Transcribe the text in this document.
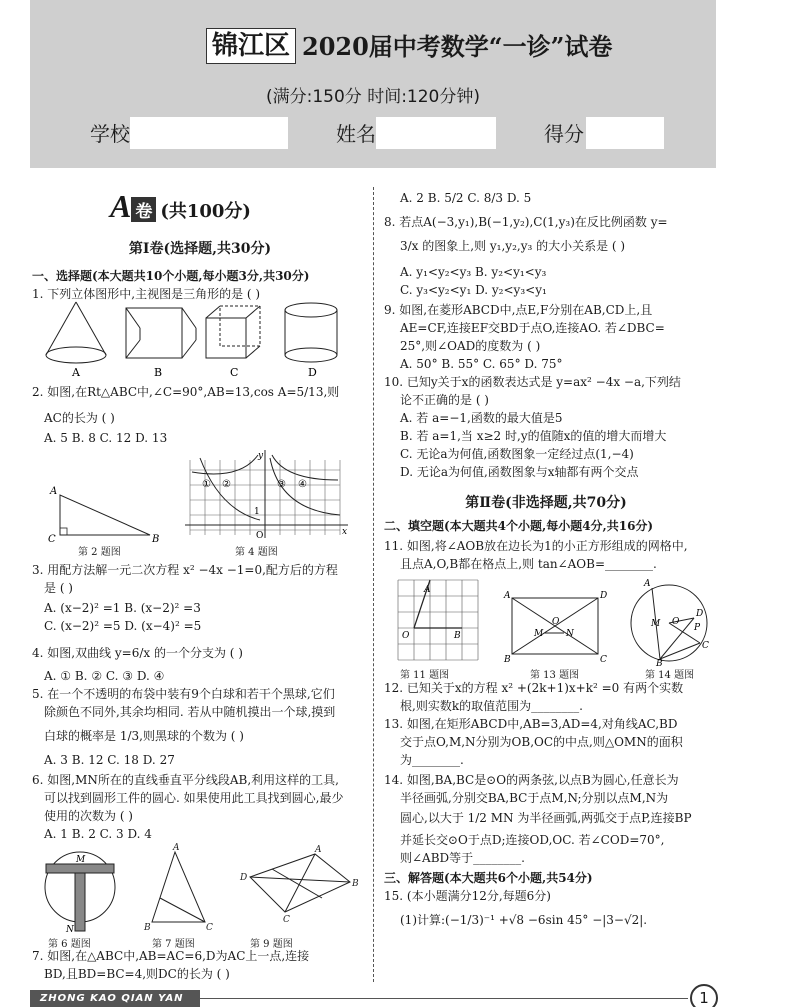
锦江区 2020届中考数学“一诊”试卷
(满分:150分 时间:120分钟)
学校	姓名	得分
A 卷 (共100分)
第Ⅰ卷(选择题,共30分)
一、选择题(本大题共10个小题,每小题3分,共30分)
1. 下列立体图形中,主视图是三角形的是 ( )
A	B	C	D
2. 如图,在Rt△ABC中,∠C=90°,AB=13,cos A=5/13,则
AC的长为 ( )
A. 5 B. 8 C. 12 D. 13
A
C	B
第 2 题图
① ②	③ ④
O	x
y
1
第 4 题图
3. 用配方法解一元二次方程 x² −4x −1=0,配方后的方程
是 ( )
A. (x−2)² =1 B. (x−2)² =3
C. (x−2)² =5 D. (x−4)² =5
4. 如图,双曲线 y=6/x 的一个分支为 ( )
A. ① B. ② C. ③ D. ④
5. 在一个不透明的布袋中装有9个白球和若干个黑球,它们
除颜色不同外,其余均相同. 若从中随机摸出一个球,摸到
白球的概率是 1/3,则黑球的个数为 ( )
A. 3 B. 12 C. 18 D. 27
6. 如图,MN所在的直线垂直平分线段AB,利用这样的工具,
可以找到圆形工件的圆心. 如果使用此工具找到圆心,最少
使用的次数为 ( )
A. 1 B. 2 C. 3 D. 4
M
N
A
B	C
D
A
B
C
第 6 题图	第 7 题图	第 9 题图
7. 如图,在△ABC中,AB=AC=6,D为AC上一点,连接
BD,且BD=BC=4,则DC的长为 ( )
A. 2 B. 5/2 C. 8/3 D. 5
8. 若点A(−3,y₁),B(−1,y₂),C(1,y₃)在反比例函数 y=
3/x 的图象上,则 y₁,y₂,y₃ 的大小关系是 ( )
A. y₁<y₂<y₃ B. y₂<y₁<y₃
C. y₃<y₂<y₁ D. y₂<y₃<y₁
9. 如图,在菱形ABCD中,点E,F分别在AB,CD上,且
AE=CF,连接EF交BD于点O,连接AO. 若∠DBC=
25°,则∠OAD的度数为 ( )
A. 50° B. 55° C. 65° D. 75°
10. 已知y关于x的函数表达式是 y=ax² −4x −a,下列结
论不正确的是 ( )
A. 若 a=−1,函数的最大值是5
B. 若 a=1,当 x≥2 时,y的值随x的值的增大而增大
C. 无论a为何值,函数图象一定经过点(1,−4)
D. 无论a为何值,函数图象与x轴都有两个交点
第Ⅱ卷(非选择题,共70分)
二、填空题(本大题共4个小题,每小题4分,共16分)
11. 如图,将∠AOB放在边长为1的小正方形组成的网格中,
且点A,O,B都在格点上,则 tan∠AOB=________.
A
O	B
A	D
B	C
M	N
O
A
B
C
D
O
M	P
第 11 题图	第 13 题图	第 14 题图
12. 已知关于x的方程 x² +(2k+1)x+k² =0 有两个实数
根,则实数k的取值范围为________.
13. 如图,在矩形ABCD中,AB=3,AD=4,对角线AC,BD
交于点O,M,N分别为OB,OC的中点,则△OMN的面积
为________.
14. 如图,BA,BC是⊙O的两条弦,以点B为圆心,任意长为
半径画弧,分别交BA,BC于点M,N;分别以点M,N为
圆心,以大于 1/2 MN 为半径画弧,两弧交于点P,连接BP
并延长交⊙O于点D;连接OD,OC. 若∠COD=70°,
则∠ABD等于________.
三、解答题(本大题共6个小题,共54分)
15. (本小题满分12分,每题6分)
(1)计算:(−1/3)⁻¹ +√8 −6sin 45° −|3−√2|.
ZHONG KAO QIAN YAN	1
